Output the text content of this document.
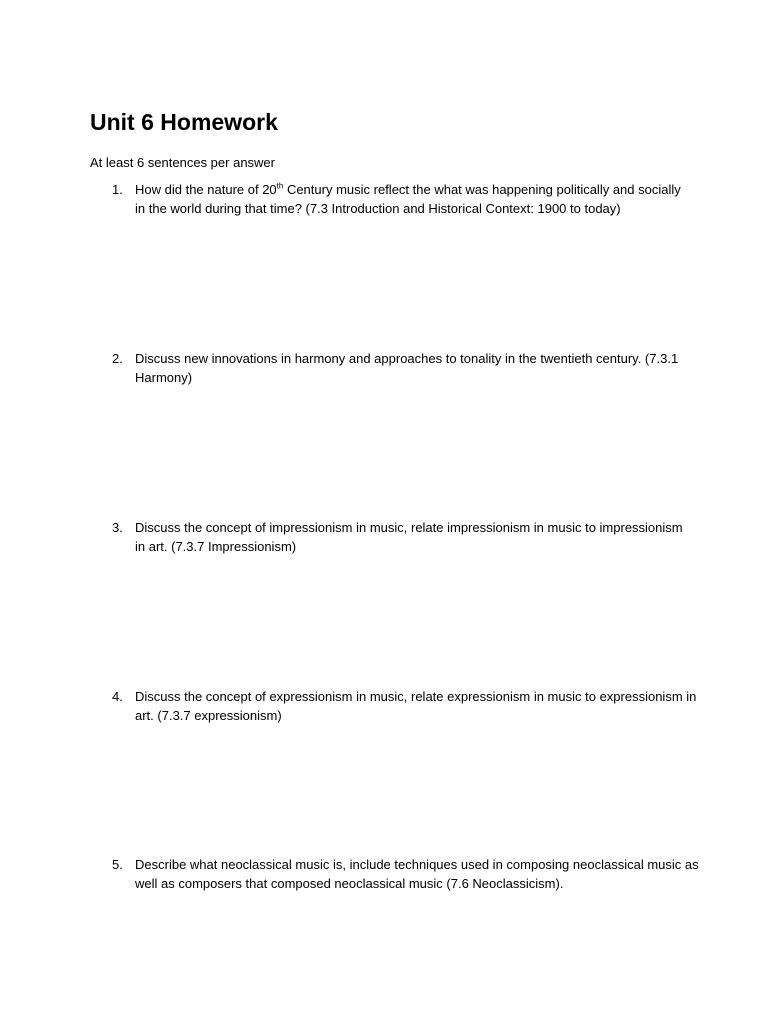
Unit 6 Homework

At least 6 sentences per answer

1. How did the nature of 20th Century music reflect the what was happening politically and socially
in the world during that time? (7.3 Introduction and Historical Context: 1900 to today)
2. Discuss new innovations in harmony and approaches to tonality in the twentieth century. (7.3.1
Harmony)
3. Discuss the concept of impressionism in music, relate impressionism in music to impressionism
in art. (7.3.7 Impressionism)
4. Discuss the concept of expressionism in music, relate expressionism in music to expressionism in
art. (7.3.7 expressionism)
5. Describe what neoclassical music is, include techniques used in composing neoclassical music as
well as composers that composed neoclassical music (7.6 Neoclassicism).
